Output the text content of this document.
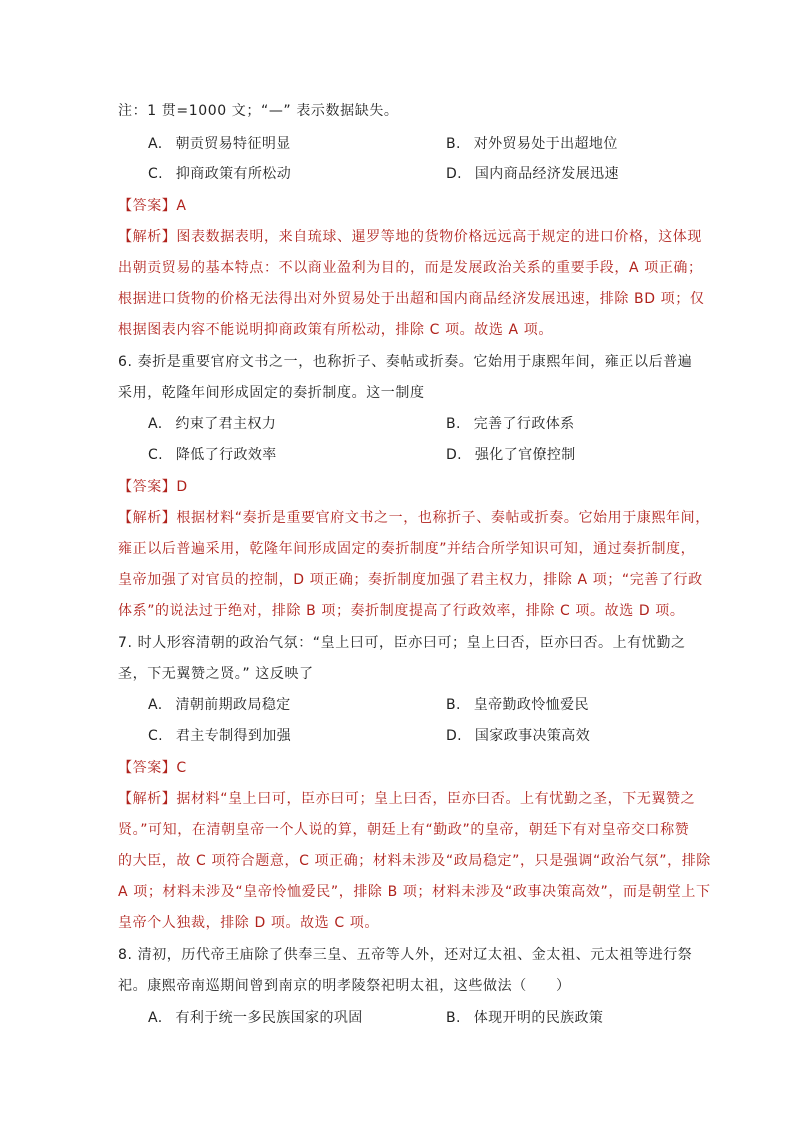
注：1 贯=1000 文；“—” 表示数据缺失。
A. 朝贡贸易特征明显	B. 对外贸易处于出超地位
C. 抑商政策有所松动	D. 国内商品经济发展迅速
【答案】A
【解析】图表数据表明，来自琉球、暹罗等地的货物价格远远高于规定的进口价格，这体现
出朝贡贸易的基本特点：不以商业盈利为目的，而是发展政治关系的重要手段，A 项正确；
根据进口货物的价格无法得出对外贸易处于出超和国内商品经济发展迅速，排除 BD 项；仅
根据图表内容不能说明抑商政策有所松动，排除 C 项。故选 A 项。
6. 奏折是重要官府文书之一，也称折子、奏帖或折奏。它始用于康熙年间，雍正以后普遍
采用，乾隆年间形成固定的奏折制度。这一制度
A. 约束了君主权力	B. 完善了行政体系
C. 降低了行政效率	D. 强化了官僚控制
【答案】D
【解析】根据材料“奏折是重要官府文书之一，也称折子、奏帖或折奏。它始用于康熙年间，
雍正以后普遍采用，乾隆年间形成固定的奏折制度”并结合所学知识可知，通过奏折制度，
皇帝加强了对官员的控制，D 项正确；奏折制度加强了君主权力，排除 A 项；“完善了行政
体系”的说法过于绝对，排除 B 项；奏折制度提高了行政效率，排除 C 项。故选 D 项。
7. 时人形容清朝的政治气氛：“皇上曰可，臣亦曰可；皇上曰否，臣亦曰否。上有忧勤之
圣，下无翼赞之贤。” 这反映了
A. 清朝前期政局稳定	B. 皇帝勤政怜恤爱民
C. 君主专制得到加强	D. 国家政事决策高效
【答案】C
【解析】据材料“皇上曰可，臣亦曰可；皇上曰否，臣亦曰否。上有忧勤之圣，下无翼赞之
贤。”可知，在清朝皇帝一个人说的算，朝廷上有“勤政”的皇帝，朝廷下有对皇帝交口称赞
的大臣，故 C 项符合题意，C 项正确；材料未涉及“政局稳定”，只是强调“政治气氛”，排除
A 项；材料未涉及“皇帝怜恤爱民”，排除 B 项；材料未涉及“政事决策高效”，而是朝堂上下
皇帝个人独裁，排除 D 项。故选 C 项。
8. 清初，历代帝王庙除了供奉三皇、五帝等人外，还对辽太祖、金太祖、元太祖等进行祭
祀。康熙帝南巡期间曾到南京的明孝陵祭祀明太祖，这些做法（　　）
A. 有利于统一多民族国家的巩固	B. 体现开明的民族政策
